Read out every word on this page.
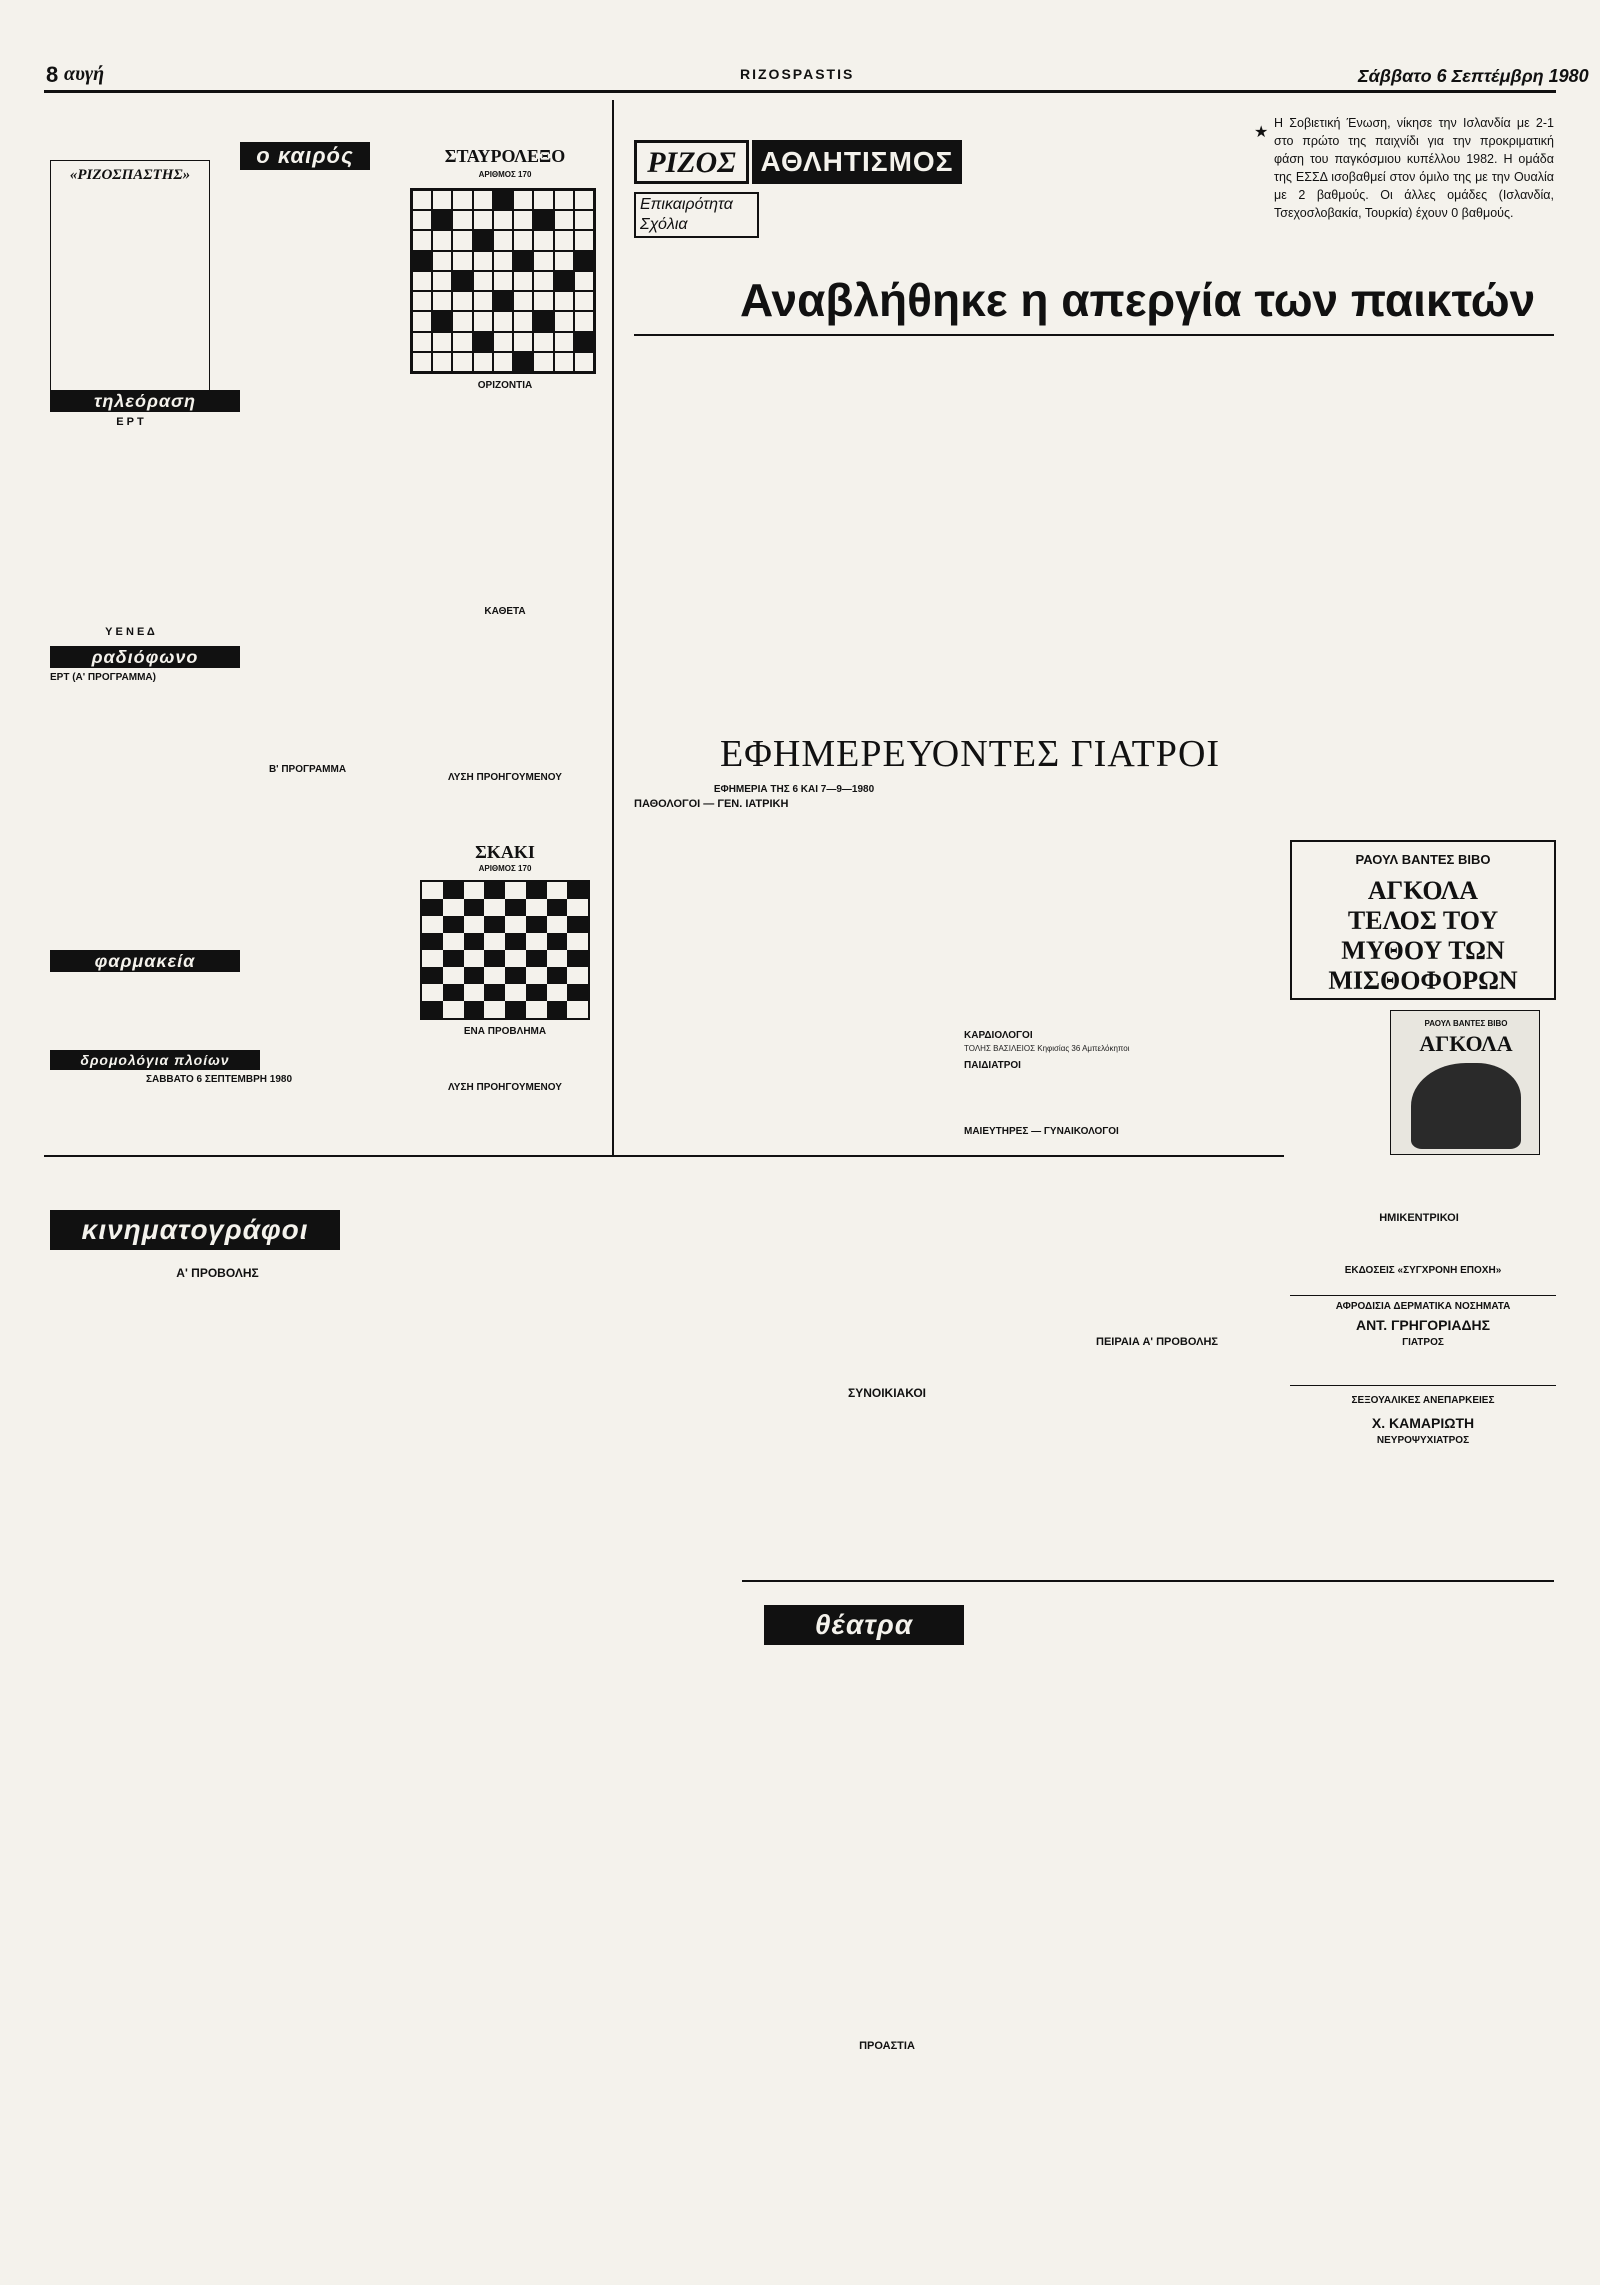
8 αυγή	RIZOSPASTIS	Σάββατο 6 Σεπτέμβρη 1980
«ΡΙΖΟΣΠΑΣΤΗΣ»
ο καιρός
τηλεόραση
Ε Ρ Τ
Υ Ε Ν Ε Δ
ραδιόφωνο
ΕΡΤ (Α' ΠΡΟΓΡΑΜΜΑ)
Β' ΠΡΟΓΡΑΜΜΑ
φαρμακεία
δρομολόγια πλοίων
ΣΑΒΒΑΤΟ 6 ΣΕΠΤΕΜΒΡΗ 1980
ΣΤΑΥΡΟΛΕΞΟ
ΑΡΙΘΜΟΣ 170
ΟΡΙΖΟΝΤΙΑ
ΚΑΘΕΤΑ
ΛΥΣΗ ΠΡΟΗΓΟΥΜΕΝΟΥ
ΣΚΑΚΙ
ΑΡΙΘΜΟΣ 170
ΕΝΑ ΠΡΟΒΛΗΜΑ
ΛΥΣΗ ΠΡΟΗΓΟΥΜΕΝΟΥ
ΡΙΖΟΣ ΑΘΛΗΤΙΣΜΟΣ
Επικαιρότητα
Σχόλια
★ Η Σοβιετική Ένωση, νίκησε την Ισλανδία με 2-1 στο πρώτο της παιχνίδι για την προκριματική φάση του παγκόσμιου κυπέλλου 1982. Η ομάδα της ΕΣΣΔ ισοβαθμεί στον όμιλο της με την Ουαλία με 2 βαθμούς. Οι άλλες ομάδες (Ισλανδία, Τσεχοσλοβακία, Τουρκία) έχουν 0 βαθμούς.
Αναβλήθηκε η απεργία των παικτών
ΕΦΗΜΕΡΕΥΟΝΤΕΣ ΓΙΑΤΡΟΙ
ΕΦΗΜΕΡΙΑ ΤΗΣ 6 ΚΑΙ 7—9—1980
ΠΑΘΟΛΟΓΟΙ — ΓΕΝ. ΙΑΤΡΙΚΗ
ΚΑΡΔΙΟΛΟΓΟΙ
ΤΟΛΗΣ ΒΑΣΙΛΕΙΟΣ Κηφισίας 36 Αμπελόκηποι
ΠΑΙΔΙΑΤΡΟΙ
ΜΑΙΕΥΤΗΡΕΣ — ΓΥΝΑΙΚΟΛΟΓΟΙ
ΡΑΟΥΛ ΒΑΝΤΕΣ ΒΙΒΟ
ΑΓΚΟΛΑ
ΤΕΛΟΣ ΤΟΥ
ΜΥΘΟΥ ΤΩΝ
ΜΙΣΘΟΦΟΡΩΝ
ΡΑΟΥΛ ΒΑΝΤΕΣ ΒΙΒΟ
ΑΓΚΟΛΑ
ΕΚΔΟΣΕΙΣ «ΣΥΓΧΡΟΝΗ ΕΠΟΧΗ»
ΑΦΡΟΔΙΣΙΑ ΔΕΡΜΑΤΙΚΑ ΝΟΣΗΜΑΤΑ
ΑΝΤ. ΓΡΗΓΟΡΙΑΔΗΣ
ΓΙΑΤΡΟΣ
ΣΕΞΟΥΑΛΙΚΕΣ ΑΝΕΠΑΡΚΕΙΕΣ
Χ. ΚΑΜΑΡΙΩΤΗ
ΝΕΥΡΟΨΥΧΙΑΤΡΟΣ
κινηματογράφοι
Α' ΠΡΟΒΟΛΗΣ
ΣΥΝΟΙΚΙΑΚΟΙ
ΠΕΙΡΑΙΑ Α' ΠΡΟΒΟΛΗΣ
ΗΜΙΚΕΝΤΡΙΚΟΙ
θέατρα
ΠΡΟΑΣΤΙΑ
